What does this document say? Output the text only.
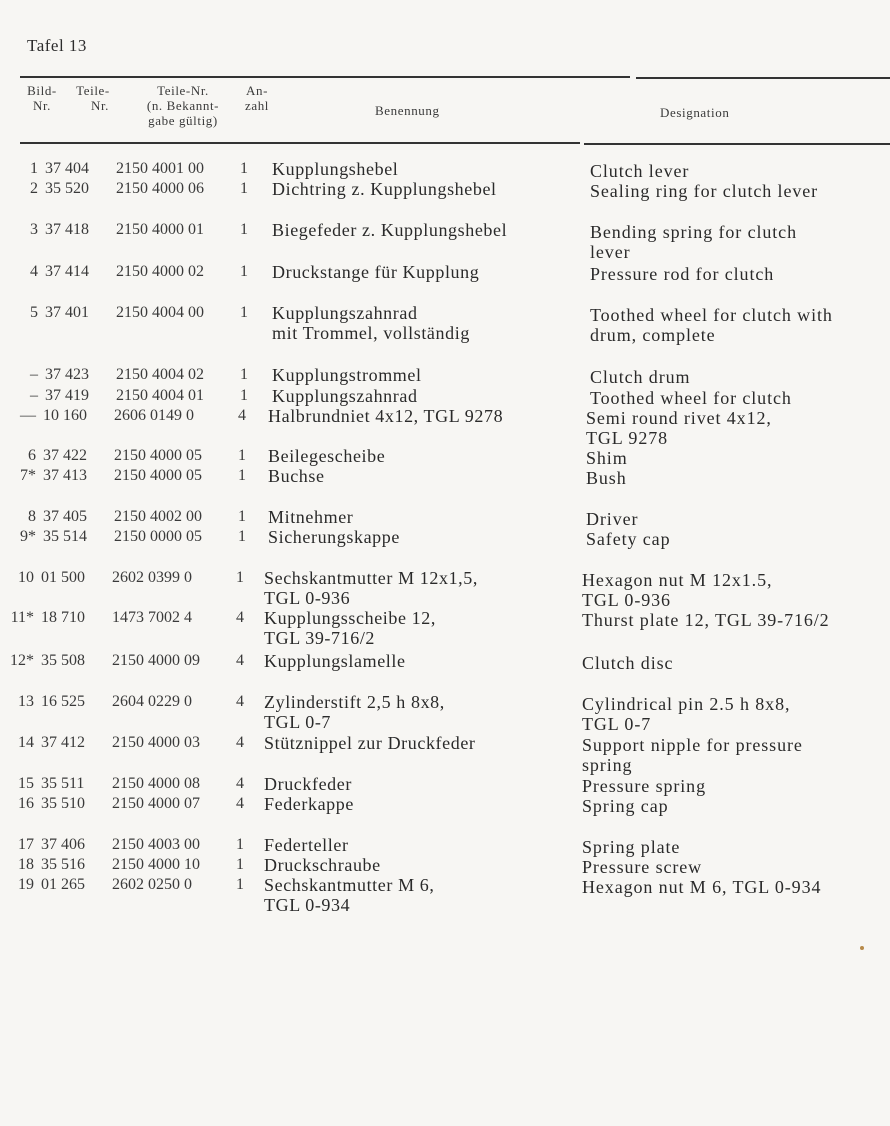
Tafel 13
Bild-
Nr.
Teile-
Nr.
Teile-Nr.
(n. Bekannt-
gabe gültig)
An-
zahl	Benennung	Designation
1 37 404 2150 4001 00 1 Kupplungshebel	Clutch lever
2 35 520 2150 4000 06 1 Dichtring z. Kupplungshebel	Sealing ring for clutch lever
3 37 418 2150 4000 01 1 Biegefeder z. Kupplungshebel	Bending spring for clutch
lever
4 37 414 2150 4000 02 1 Druckstange für Kupplung	Pressure rod for clutch
5 37 401 2150 4004 00 1 Kupplungszahnrad
mit Trommel, vollständig
Toothed wheel for clutch with
drum, complete
– 37 423 2150 4004 02 1 Kupplungstrommel	Clutch drum
– 37 419 2150 4004 01 1 Kupplungszahnrad	Toothed wheel for clutch
— 10 160 2606 0149 0	4 Halbrundniet 4x12, TGL 9278	Semi round rivet 4x12,
TGL 9278
6 37 422 2150 4000 05 1 Beilegescheibe	Shim
7* 37 413 2150 4000 05 1 Buchse	Bush
8 37 405 2150 4002 00 1 Mitnehmer	Driver
9* 35 514 2150 0000 05 1 Sicherungskappe	Safety cap
10 01 500 2602 0399 0	1 Sechskantmutter M 12x1,5,
TGL 0-936
Hexagon nut M 12x1.5,
TGL 0-936
11* 18 710 1473 7002 4	4 Kupplungsscheibe 12,
TGL 39-716/2
Thurst plate 12, TGL 39-716/2
12* 35 508 2150 4000 09 4 Kupplungslamelle	Clutch disc
13 16 525 2604 0229 0	4 Zylinderstift 2,5 h 8x8,
TGL 0-7
Cylindrical pin 2.5 h 8x8,
TGL 0-7
14 37 412 2150 4000 03 4 Stütznippel zur Druckfeder	Support nipple for pressure
spring
15 35 511 2150 4000 08 4 Druckfeder	Pressure spring
16 35 510 2150 4000 07 4 Federkappe	Spring cap
17 37 406 2150 4003 00 1 Federteller	Spring plate
18 35 516 2150 4000 10 1 Druckschraube	Pressure screw
19 01 265 2602 0250 0	1 Sechskantmutter M 6,
TGL 0-934
Hexagon nut M 6, TGL 0-934
